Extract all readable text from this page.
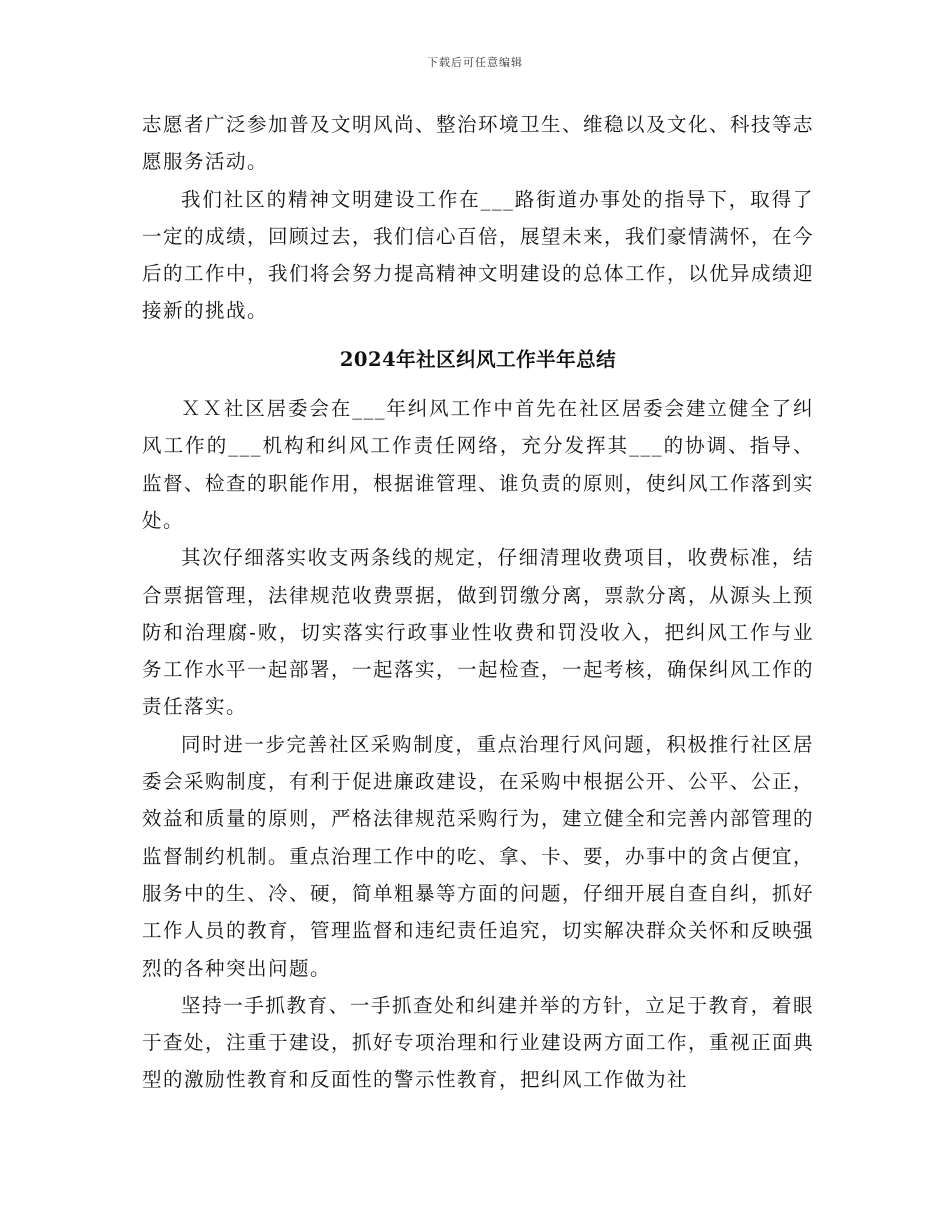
下载后可任意编辑

志愿者广泛参加普及文明风尚、整治环境卫生、维稳以及文化、科技等志愿服务活动。

我们社区的精神文明建设工作在___路街道办事处的指导下，取得了一定的成绩，回顾过去，我们信心百倍，展望未来，我们豪情满怀，在今后的工作中，我们将会努力提高精神文明建设的总体工作，以优异成绩迎接新的挑战。

2024年社区纠风工作半年总结

ＸＸ社区居委会在___年纠风工作中首先在社区居委会建立健全了纠风工作的___机构和纠风工作责任网络，充分发挥其___的协调、指导、监督、检查的职能作用，根据谁管理、谁负责的原则，使纠风工作落到实处。

其次仔细落实收支两条线的规定，仔细清理收费项目，收费标准，结合票据管理，法律规范收费票据，做到罚缴分离，票款分离，从源头上预防和治理腐-败，切实落实行政事业性收费和罚没收入，把纠风工作与业务工作水平一起部署，一起落实，一起检查，一起考核，确保纠风工作的责任落实。

同时进一步完善社区采购制度，重点治理行风问题，积极推行社区居委会采购制度，有利于促进廉政建设，在采购中根据公开、公平、公正，效益和质量的原则，严格法律规范采购行为，建立健全和完善内部管理的监督制约机制。重点治理工作中的吃、拿、卡、要，办事中的贪占便宜，服务中的生、冷、硬，简单粗暴等方面的问题，仔细开展自查自纠，抓好工作人员的教育，管理监督和违纪责任追究，切实解决群众关怀和反映强烈的各种突出问题。

坚持一手抓教育、一手抓查处和纠建并举的方针，立足于教育，着眼于查处，注重于建设，抓好专项治理和行业建设两方面工作，重视正面典型的激励性教育和反面性的警示性教育，把纠风工作做为社
